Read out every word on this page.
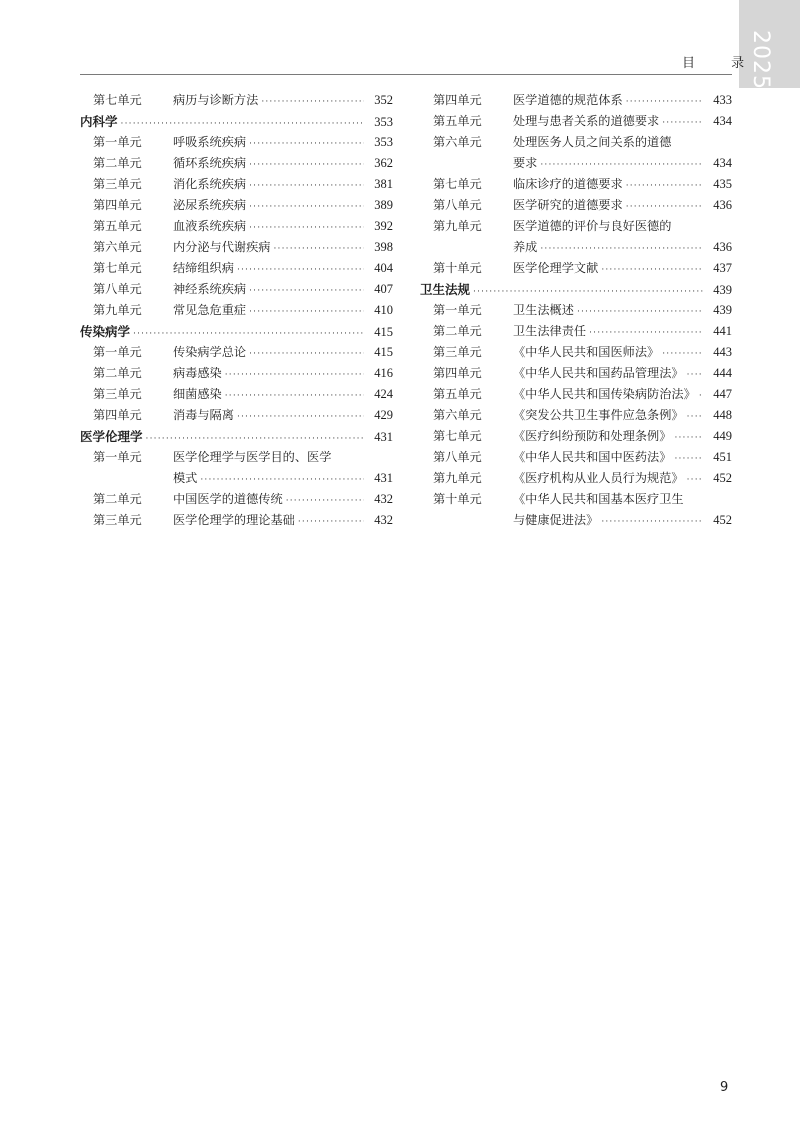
2025
目 录
第七单元	病历与诊断方法 ·····	352
内科学 ·····	353
第一单元	呼吸系统疾病 ·····	353
第二单元	循环系统疾病 ·····	362
第三单元	消化系统疾病 ·····	381
第四单元	泌尿系统疾病 ·····	389
第五单元	血液系统疾病 ·····	392
第六单元	内分泌与代谢疾病 ·····	398
第七单元	结缔组织病 ·····	404
第八单元	神经系统疾病 ·····	407
第九单元	常见急危重症 ·····	410
传染病学 ·····	415
第一单元	传染病学总论 ·····	415
第二单元	病毒感染 ·····	416
第三单元	细菌感染 ·····	424
第四单元	消毒与隔离 ·····	429
医学伦理学 ·····	431
第一单元	医学伦理学与医学目的、医学
模式 ·····	431
第二单元	中国医学的道德传统 ·····	432
第三单元	医学伦理学的理论基础 ·····	432
第四单元	医学道德的规范体系 ·····	433
第五单元	处理与患者关系的道德要求 ·····	434
第六单元	处理医务人员之间关系的道德
要求 ·····	434
第七单元	临床诊疗的道德要求 ·····	435
第八单元	医学研究的道德要求 ·····	436
第九单元	医学道德的评价与良好医德的
养成 ·····	436
第十单元	医学伦理学文献 ·····	437
卫生法规 ·····	439
第一单元	卫生法概述 ·····	439
第二单元	卫生法律责任 ·····	441
第三单元	《中华人民共和国医师法》 ·····	443
第四单元	《中华人民共和国药品管理法》 ·····	444
第五单元	《中华人民共和国传染病防治法》 ·····	447
第六单元	《突发公共卫生事件应急条例》 ·····	448
第七单元	《医疗纠纷预防和处理条例》 ·····	449
第八单元	《中华人民共和国中医药法》 ·····	451
第九单元	《医疗机构从业人员行为规范》 ·····	452
第十单元	《中华人民共和国基本医疗卫生
与健康促进法》 ·····	452
9
